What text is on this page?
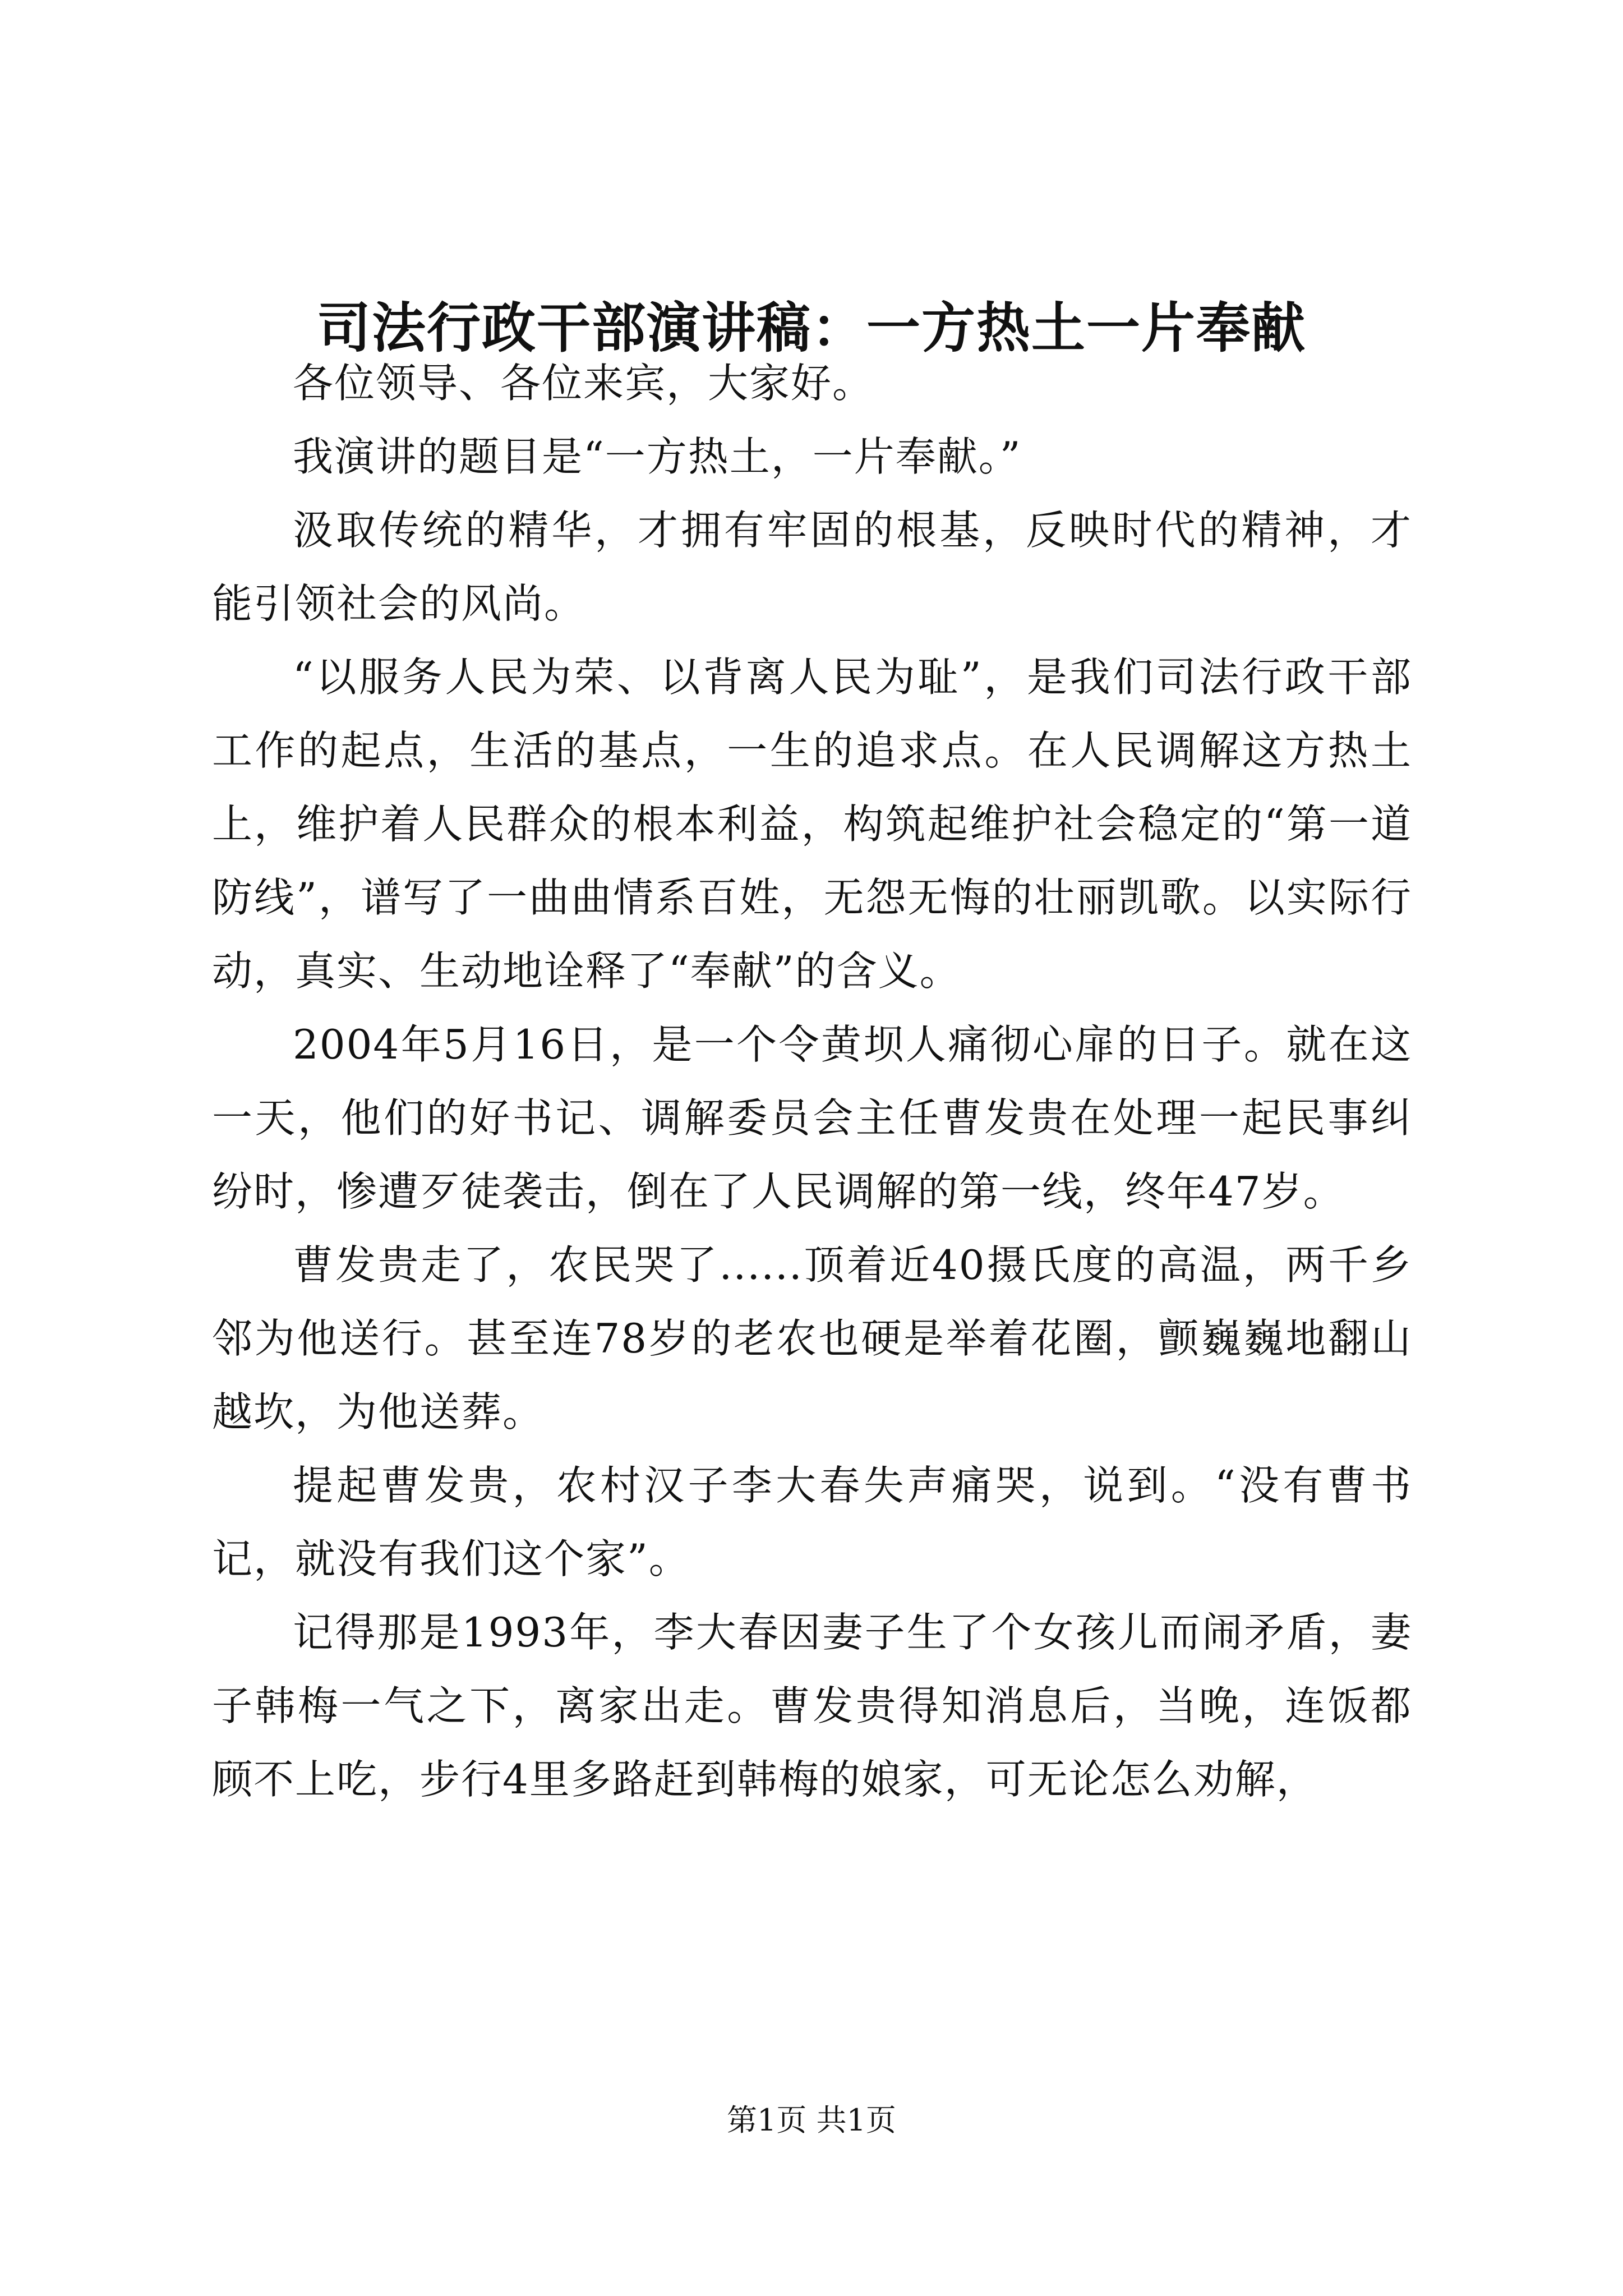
司法行政干部演讲稿：一方热土一片奉献

各位领导、各位来宾，大家好。

我演讲的题目是“一方热土，一片奉献。”

汲取传统的精华，才拥有牢固的根基，反映时代的精神，才能引领社会的风尚。

“以服务人民为荣、以背离人民为耻”，是我们司法行政干部工作的起点，生活的基点，一生的追求点。在人民调解这方热土上，维护着人民群众的根本利益，构筑起维护社会稳定的“第一道防线”，谱写了一曲曲情系百姓，无怨无悔的壮丽凯歌。以实际行动，真实、生动地诠释了“奉献”的含义。

2004年5月16日，是一个令黄坝人痛彻心扉的日子。就在这一天，他们的好书记、调解委员会主任曹发贵在处理一起民事纠纷时，惨遭歹徒袭击，倒在了人民调解的第一线，终年47岁。

曹发贵走了，农民哭了......顶着近40摄氏度的高温，两千乡邻为他送行。甚至连78岁的老农也硬是举着花圈，颤巍巍地翻山越坎，为他送葬。

提起曹发贵，农村汉子李大春失声痛哭，说到。“没有曹书记，就没有我们这个家”。

记得那是1993年，李大春因妻子生了个女孩儿而闹矛盾，妻子韩梅一气之下，离家出走。曹发贵得知消息后，当晚，连饭都顾不上吃，步行4里多路赶到韩梅的娘家，可无论怎么劝解，

第1页 共1页
